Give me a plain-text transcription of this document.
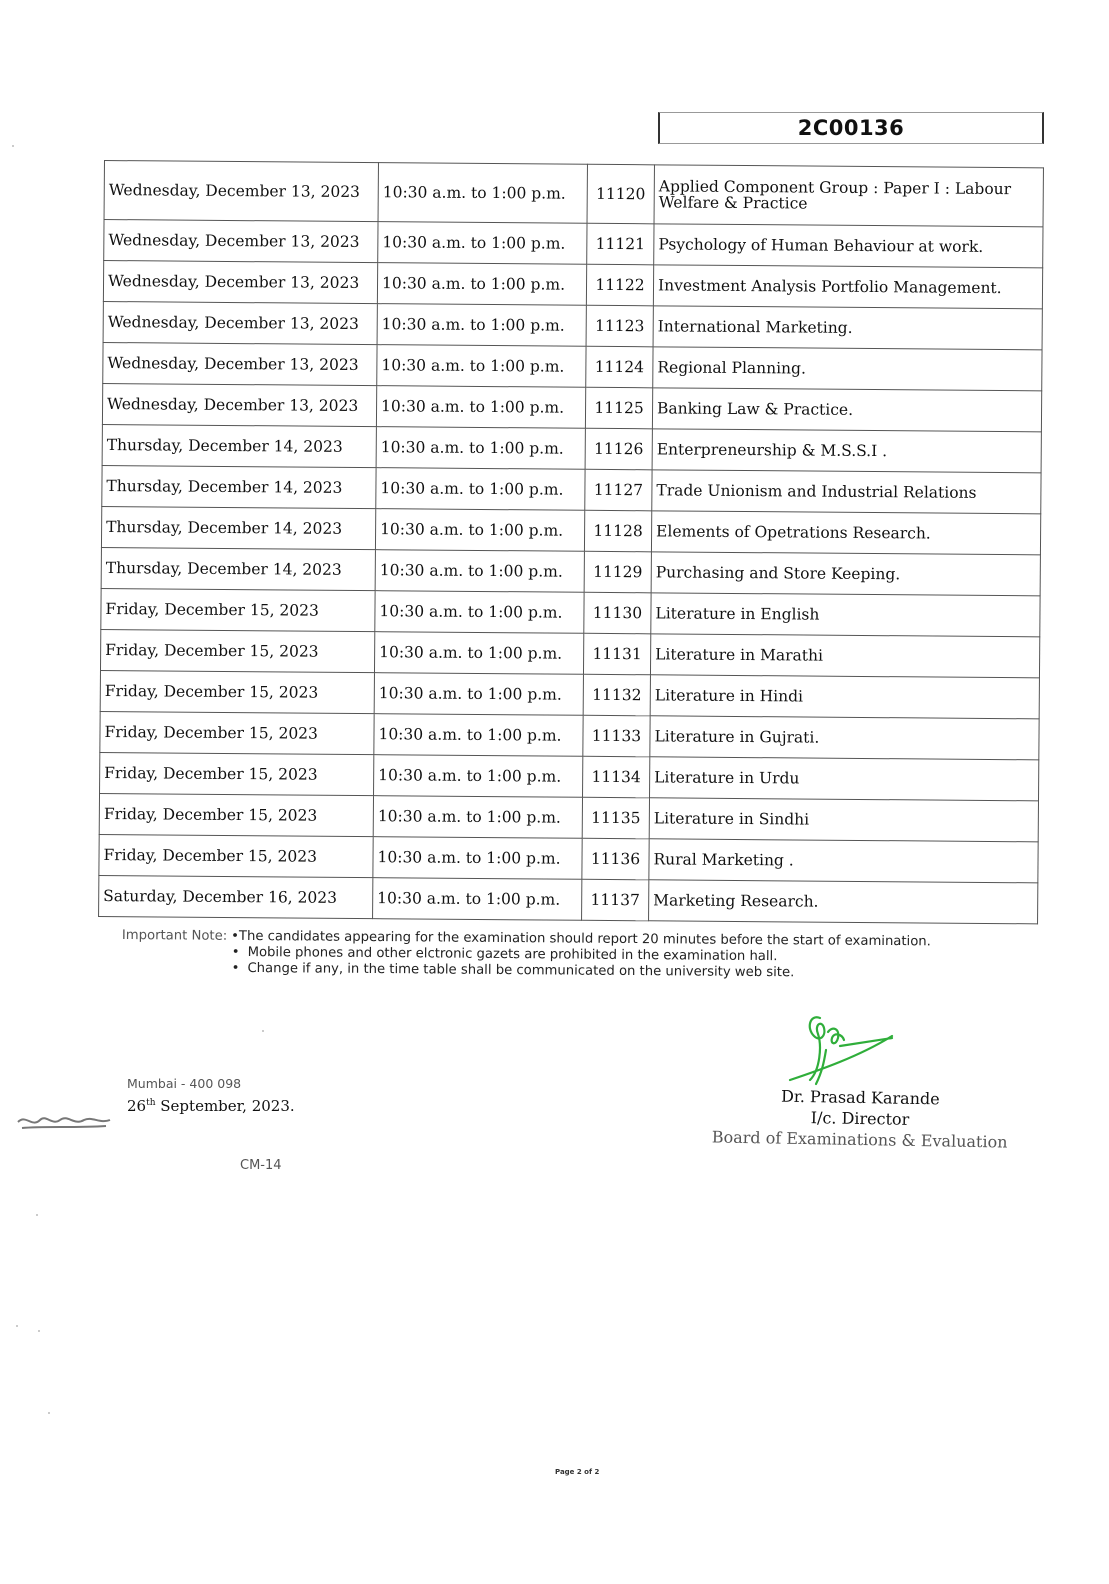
2C00136
Wednesday, December 13, 2023	10:30 a.m. to 1:00 p.m.	11120	Applied Component Group : Paper I : Labour Welfare & Practice
Wednesday, December 13, 2023	10:30 a.m. to 1:00 p.m.	11121	Psychology of Human Behaviour at work.
Wednesday, December 13, 2023	10:30 a.m. to 1:00 p.m.	11122	Investment Analysis Portfolio Management.
Wednesday, December 13, 2023	10:30 a.m. to 1:00 p.m.	11123	International Marketing.
Wednesday, December 13, 2023	10:30 a.m. to 1:00 p.m.	11124	Regional Planning.
Wednesday, December 13, 2023	10:30 a.m. to 1:00 p.m.	11125	Banking Law & Practice.
Thursday, December 14, 2023	10:30 a.m. to 1:00 p.m.	11126	Enterpreneurship & M.S.S.I .
Thursday, December 14, 2023	10:30 a.m. to 1:00 p.m.	11127	Trade Unionism and Industrial Relations
Thursday, December 14, 2023	10:30 a.m. to 1:00 p.m.	11128	Elements of Opetrations Research.
Thursday, December 14, 2023	10:30 a.m. to 1:00 p.m.	11129	Purchasing and Store Keeping.
Friday, December 15, 2023	10:30 a.m. to 1:00 p.m.	11130	Literature in English
Friday, December 15, 2023	10:30 a.m. to 1:00 p.m.	11131	Literature in Marathi
Friday, December 15, 2023	10:30 a.m. to 1:00 p.m.	11132	Literature in Hindi
Friday, December 15, 2023	10:30 a.m. to 1:00 p.m.	11133	Literature in Gujrati.
Friday, December 15, 2023	10:30 a.m. to 1:00 p.m.	11134	Literature in Urdu
Friday, December 15, 2023	10:30 a.m. to 1:00 p.m.	11135	Literature in Sindhi
Friday, December 15, 2023	10:30 a.m. to 1:00 p.m.	11136	Rural Marketing .
Saturday, December 16, 2023	10:30 a.m. to 1:00 p.m.	11137	Marketing Research.
Important Note: •The candidates appearing for the examination should report 20 minutes before the start of examination.
• Mobile phones and other elctronic gazets are prohibited in the examination hall.
• Change if any, in the time table shall be communicated on the university web site.
Mumbai - 400 098
26th September, 2023.
CM-14
Dr. Prasad Karande
I/c. Director
Board of Examinations & Evaluation
Page 2 of 2
